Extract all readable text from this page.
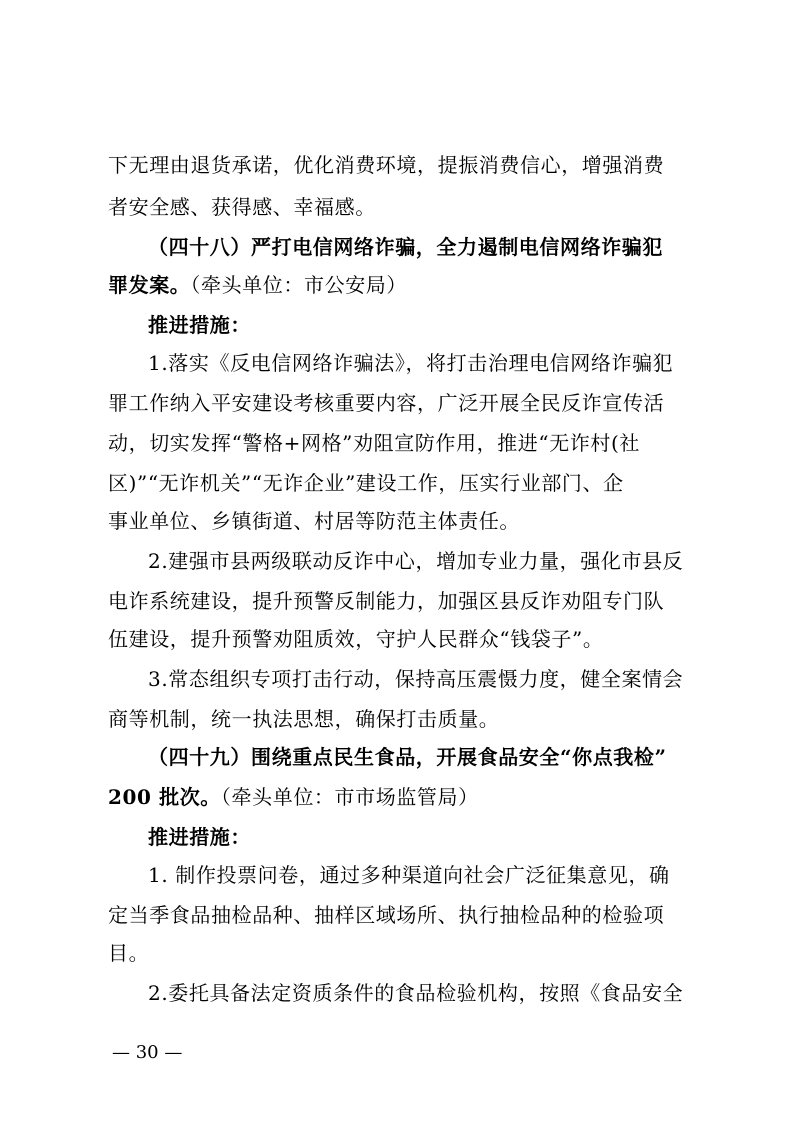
下无理由退货承诺，优化消费环境，提振消费信心，增强消费
者安全感、获得感、幸福感。
（四十八）严打电信网络诈骗，全力遏制电信网络诈骗犯
罪发案。（牵头单位：市公安局）
推进措施：
1.落实《反电信网络诈骗法》，将打击治理电信网络诈骗犯
罪工作纳入平安建设考核重要内容，广泛开展全民反诈宣传活
动，切实发挥“警格+网格”劝阻宣防作用，推进“无诈村(社
区)”“无诈机关”“无诈企业”建设工作，压实行业部门、企
事业单位、乡镇街道、村居等防范主体责任。
2.建强市县两级联动反诈中心，增加专业力量，强化市县反
电诈系统建设，提升预警反制能力，加强区县反诈劝阻专门队
伍建设，提升预警劝阻质效，守护人民群众“钱袋子”。
3.常态组织专项打击行动，保持高压震慑力度，健全案情会
商等机制，统一执法思想，确保打击质量。
（四十九）围绕重点民生食品，开展食品安全“你点我检”
200 批次。（牵头单位：市市场监管局）
推进措施：
1. 制作投票问卷，通过多种渠道向社会广泛征集意见，确
定当季食品抽检品种、抽样区域场所、执行抽检品种的检验项
目。
2.委托具备法定资质条件的食品检验机构，按照《食品安全
— 30 —
